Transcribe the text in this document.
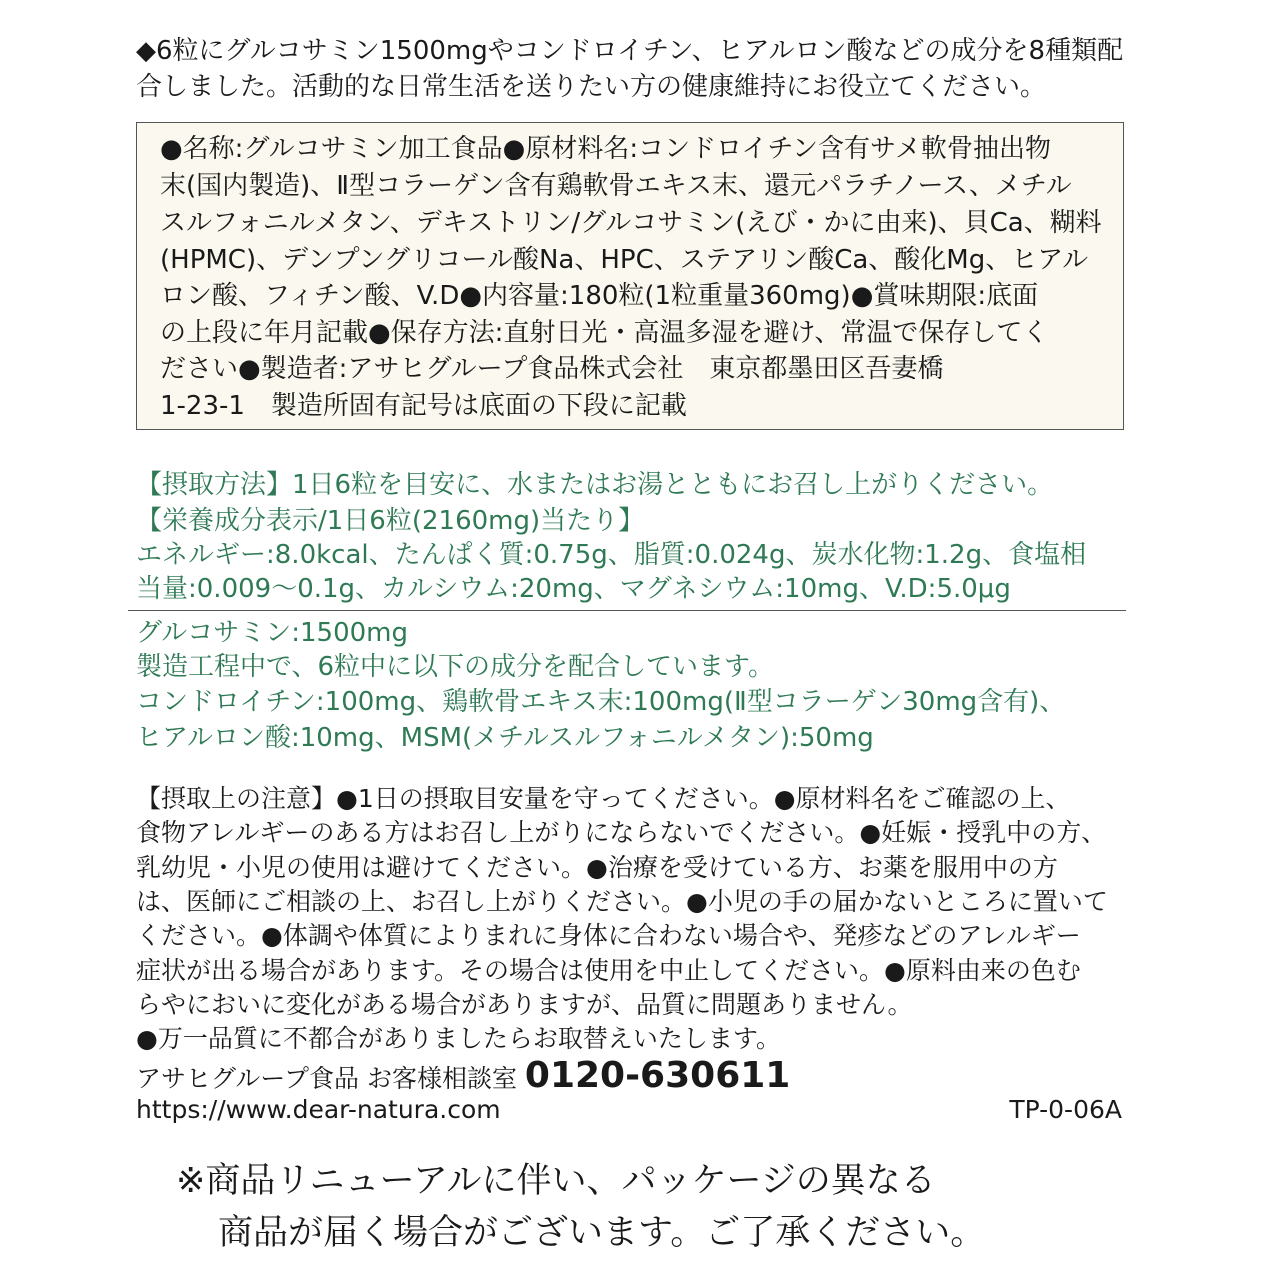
◆6粒にグルコサミン1500mgやコンドロイチン、ヒアルロン酸などの成分を8種類配
合しました。活動的な日常生活を送りたい方の健康維持にお役立てください。
●名称:グルコサミン加工食品●原材料名:コンドロイチン含有サメ軟骨抽出物
末(国内製造)、Ⅱ型コラーゲン含有鶏軟骨エキス末、還元パラチノース、メチル
スルフォニルメタン、デキストリン/グルコサミン(えび・かに由来)、貝Ca、糊料
(HPMC)、デンプングリコール酸Na、HPC、ステアリン酸Ca、酸化Mg、ヒアル
ロン酸、フィチン酸、V.D●内容量:180粒(1粒重量360mg)●賞味期限:底面
の上段に年月記載●保存方法:直射日光・高温多湿を避け、常温で保存してく
ださい●製造者:アサヒグループ食品株式会社　東京都墨田区吾妻橋
1-23-1　製造所固有記号は底面の下段に記載
【摂取方法】1日6粒を目安に、水またはお湯とともにお召し上がりください。
【栄養成分表示/1日6粒(2160mg)当たり】
エネルギー:8.0kcal、たんぱく質:0.75g、脂質:0.024g、炭水化物:1.2g、食塩相
当量:0.009〜0.1g、カルシウム:20mg、マグネシウム:10mg、V.D:5.0μg
グルコサミン:1500mg
製造工程中で、6粒中に以下の成分を配合しています。
コンドロイチン:100mg、鶏軟骨エキス末:100mg(Ⅱ型コラーゲン30mg含有)、
ヒアルロン酸:10mg、MSM(メチルスルフォニルメタン):50mg
【摂取上の注意】●1日の摂取目安量を守ってください。●原材料名をご確認の上、
食物アレルギーのある方はお召し上がりにならないでください。●妊娠・授乳中の方、
乳幼児・小児の使用は避けてください。●治療を受けている方、お薬を服用中の方
は、医師にご相談の上、お召し上がりください。●小児の手の届かないところに置いて
ください。●体調や体質によりまれに身体に合わない場合や、発疹などのアレルギー
症状が出る場合があります。その場合は使用を中止してください。●原料由来の色む
らやにおいに変化がある場合がありますが、品質に問題ありません。
●万一品質に不都合がありましたらお取替えいたします。
アサヒグループ食品 お客様相談室 0120-630611
https://www.dear-natura.com	TP-0-06A
※商品リニューアルに伴い、パッケージの異なる
商品が届く場合がございます。ご了承ください。
